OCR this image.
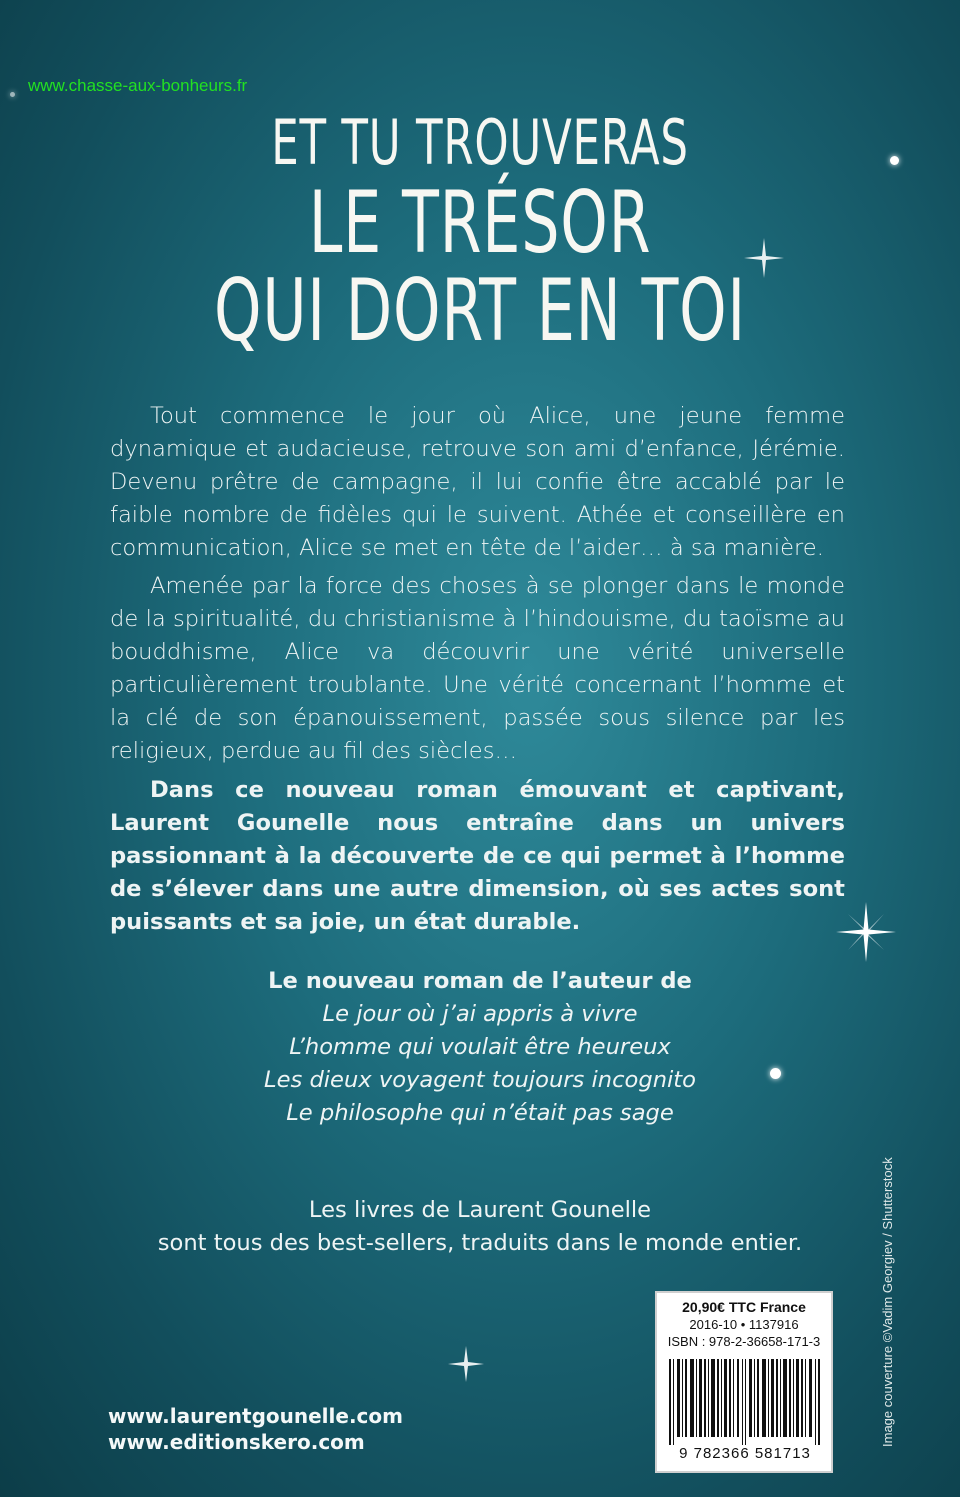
www.chasse-aux-bonheurs.fr
ET TU TROUVERAS
LE TRÉSOR
QUI DORT EN TOI
Tout commence le jour où Alice, une jeune femme dynamique et audacieuse, retrouve son ami d’enfance, Jérémie. Devenu prêtre de campagne, il lui confie être accablé par le faible nombre de fidèles qui le suivent. Athée et conseillère en communication, Alice se met en tête de l’aider… à sa manière.
Amenée par la force des choses à se plonger dans le monde de la spiritualité, du christianisme à l’hindouisme, du taoïsme au bouddhisme, Alice va découvrir une vérité universelle particulièrement troublante. Une vérité concernant l’homme et la clé de son épanouissement, passée sous silence par les religieux, perdue au fil des siècles…
Dans ce nouveau roman émouvant et captivant, Laurent Gounelle nous entraîne dans un univers passionnant à la découverte de ce qui permet à l’homme de s’élever dans une autre dimension, où ses actes sont puissants et sa joie, un état durable.
Le nouveau roman de l’auteur de
Le jour où j’ai appris à vivre
L’homme qui voulait être heureux
Les dieux voyagent toujours incognito
Le philosophe qui n’était pas sage
Les livres de Laurent Gounelle
sont tous des best-sellers, traduits dans le monde entier.
www.laurentgounelle.com
www.editionskero.com
20,90€ TTC France
2016-10 • 1137916
ISBN : 978-2-36658-171-3
9 782366 581713
Image couverture ©Vadim Georgiev / Shutterstock
